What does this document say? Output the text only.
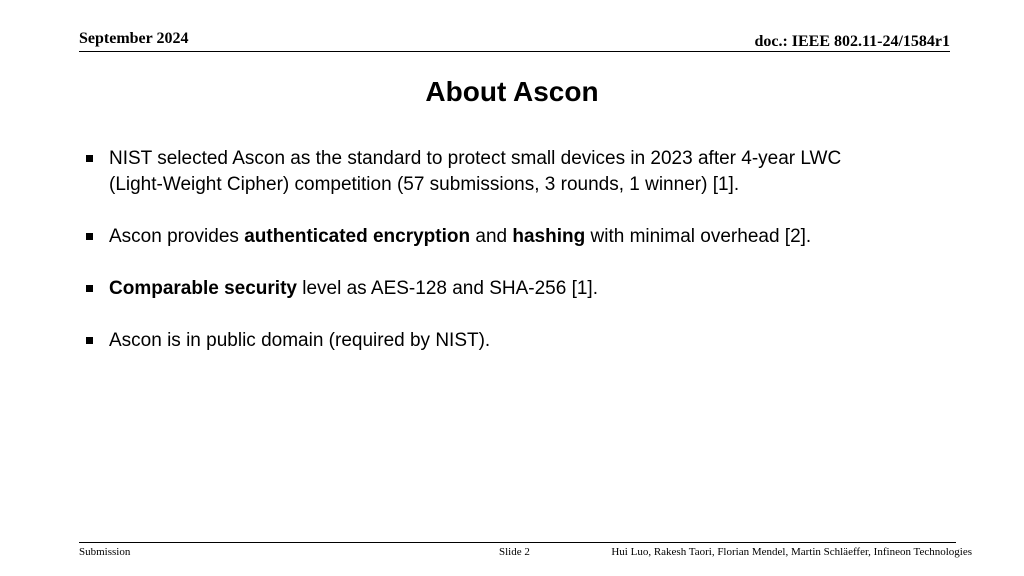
September 2024	doc.: IEEE 802.11-24/1584r1
About Ascon
NIST selected Ascon as the standard to protect small devices in 2023 after 4-year LWC
(Light-Weight Cipher) competition (57 submissions, 3 rounds, 1 winner) [1].
Ascon provides authenticated encryption and hashing with minimal overhead [2].
Comparable security level as AES-128 and SHA-256 [1].
Ascon is in public domain (required by NIST).
Submission	Slide 2	Hui Luo, Rakesh Taori, Florian Mendel, Martin Schläeffer, Infineon Technologies
